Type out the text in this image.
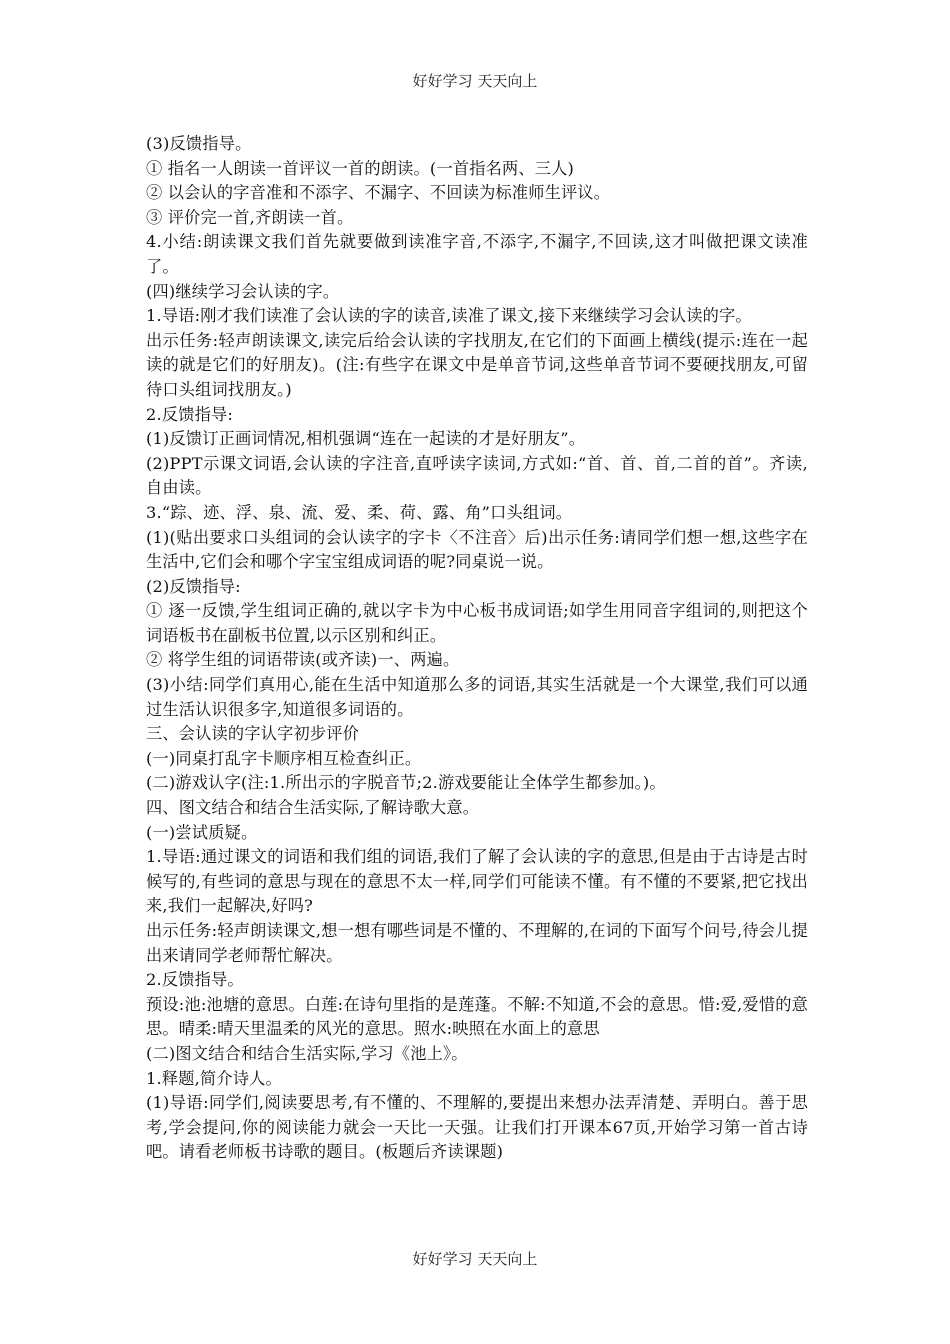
好好学习 天天向上

(3)反馈指导。

① 指名一人朗读一首评议一首的朗读。(一首指名两、三人)

② 以会认的字音准和不添字、不漏字、不回读为标准师生评议。

③ 评价完一首,齐朗读一首。

4.小结:朗读课文我们首先就要做到读准字音,不添字,不漏字,不回读,这才叫做把课文读准了。

(四)继续学习会认读的字。

1.导语:刚才我们读准了会认读的字的读音,读准了课文,接下来继续学习会认读的字。

出示任务:轻声朗读课文,读完后给会认读的字找朋友,在它们的下面画上横线(提示:连在一起读的就是它们的好朋友)。(注:有些字在课文中是单音节词,这些单音节词不要硬找朋友,可留待口头组词找朋友。)

2.反馈指导:

(1)反馈订正画词情况,相机强调“连在一起读的才是好朋友”。

(2)PPT示课文词语,会认读的字注音,直呼读字读词,方式如:“首、首、首,二首的首”。齐读,自由读。

3.“踪、迹、浮、泉、流、爱、柔、荷、露、角”口头组词。

(1)(贴出要求口头组词的会认读字的字卡〈不注音〉后)出示任务:请同学们想一想,这些字在生活中,它们会和哪个字宝宝组成词语的呢?同桌说一说。

(2)反馈指导:

① 逐一反馈,学生组词正确的,就以字卡为中心板书成词语;如学生用同音字组词的,则把这个词语板书在副板书位置,以示区别和纠正。

② 将学生组的词语带读(或齐读)一、两遍。

(3)小结:同学们真用心,能在生活中知道那么多的词语,其实生活就是一个大课堂,我们可以通过生活认识很多字,知道很多词语的。

三、会认读的字认字初步评价

(一)同桌打乱字卡顺序相互检查纠正。

(二)游戏认字(注:1.所出示的字脱音节;2.游戏要能让全体学生都参加。)。

四、图文结合和结合生活实际,了解诗歌大意。

(一)尝试质疑。

1.导语:通过课文的词语和我们组的词语,我们了解了会认读的字的意思,但是由于古诗是古时候写的,有些词的意思与现在的意思不太一样,同学们可能读不懂。有不懂的不要紧,把它找出来,我们一起解决,好吗?

出示任务:轻声朗读课文,想一想有哪些词是不懂的、不理解的,在词的下面写个问号,待会儿提出来请同学老师帮忙解决。

2.反馈指导。

预设:池:池塘的意思。白莲:在诗句里指的是莲蓬。不解:不知道,不会的意思。惜:爱,爱惜的意思。晴柔:晴天里温柔的风光的意思。照水:映照在水面上的意思

(二)图文结合和结合生活实际,学习《池上》。

1.释题,简介诗人。

(1)导语:同学们,阅读要思考,有不懂的、不理解的,要提出来想办法弄清楚、弄明白。善于思考,学会提问,你的阅读能力就会一天比一天强。让我们打开课本67页,开始学习第一首古诗吧。请看老师板书诗歌的题目。(板题后齐读课题)

好好学习 天天向上
